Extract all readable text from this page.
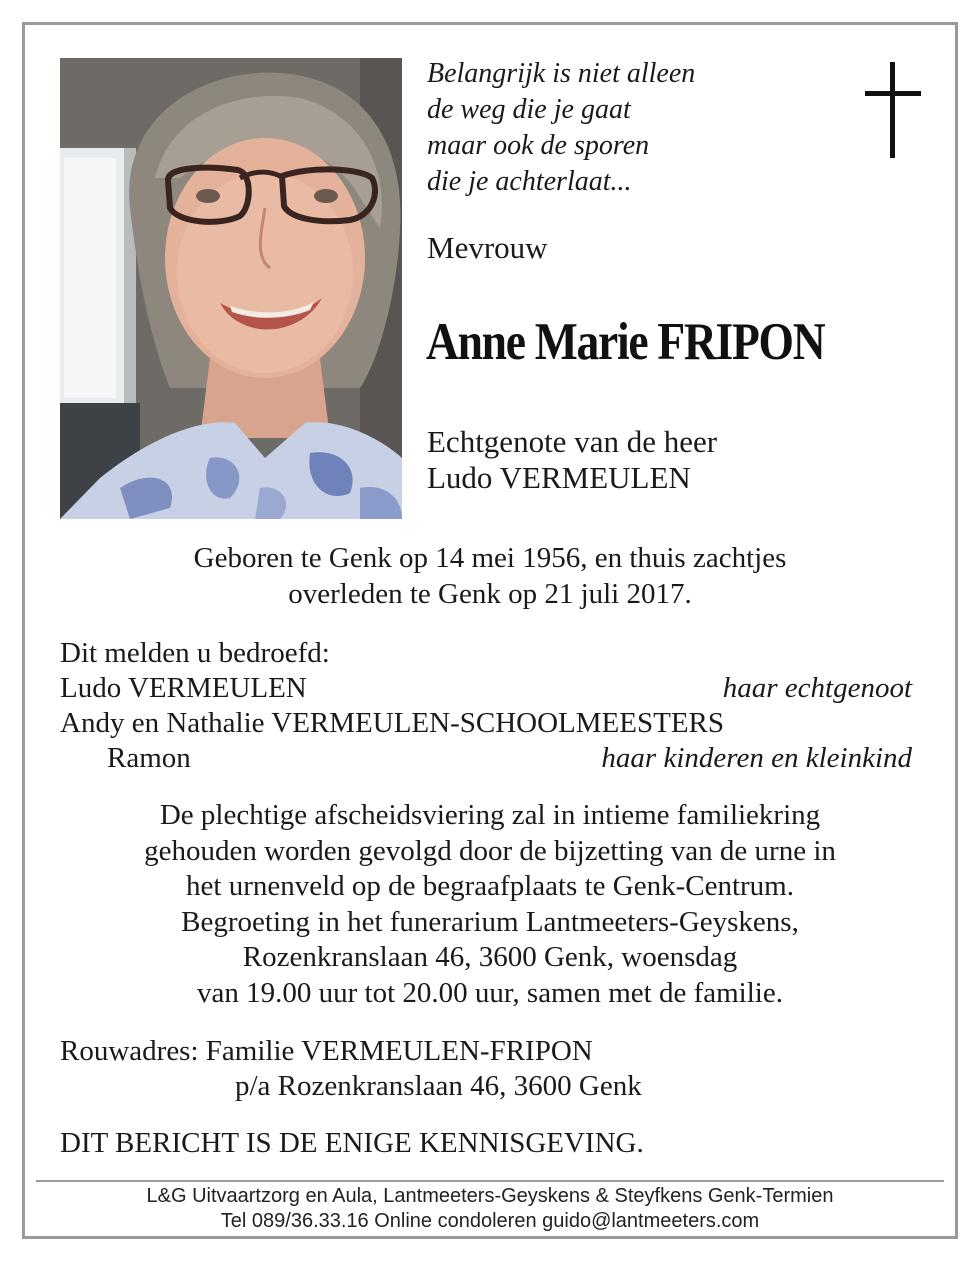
Belangrijk is niet alleen
de weg die je gaat
maar ook de sporen
die je achterlaat...
Mevrouw
Anne Marie FRIPON
Echtgenote van de heer
Ludo VERMEULEN
Geboren te Genk op 14 mei 1956, en thuis zachtjes
overleden te Genk op 21 juli 2017.
Dit melden u bedroefd:
Ludo VERMEULEN	haar echtgenoot
Andy en Nathalie VERMEULEN-SCHOOLMEESTERS
Ramon	haar kinderen en kleinkind
De plechtige afscheidsviering zal in intieme familiekring
gehouden worden gevolgd door de bijzetting van de urne in
het urnenveld op de begraafplaats te Genk-Centrum.
Begroeting in het funerarium Lantmeeters-Geyskens,
Rozenkranslaan 46, 3600 Genk, woensdag
van 19.00 uur tot 20.00 uur, samen met de familie.
Rouwadres: Familie VERMEULEN-FRIPON
p/a Rozenkranslaan 46, 3600 Genk
DIT BERICHT IS DE ENIGE KENNISGEVING.
L&G Uitvaartzorg en Aula, Lantmeeters-Geyskens & Steyfkens Genk-Termien
Tel 089/36.33.16 Online condoleren guido@lantmeeters.com
